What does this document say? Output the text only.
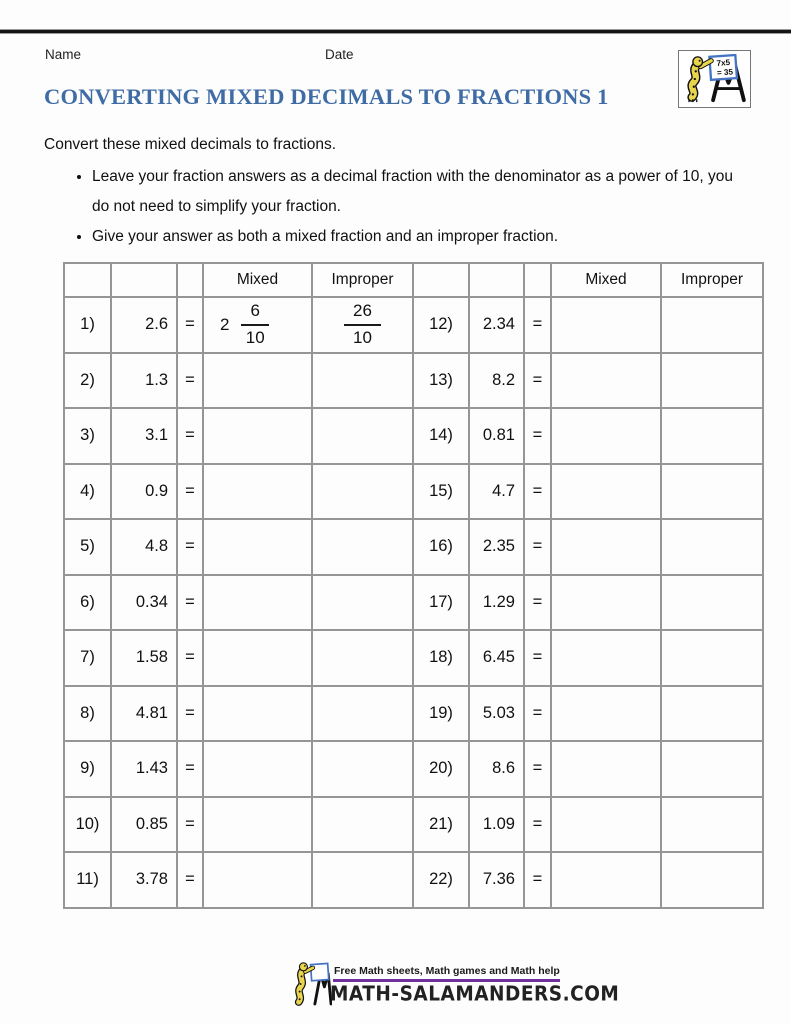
Name	Date
7x5
= 35
CONVERTING MIXED DECIMALS TO FRACTIONS 1
Convert these mixed decimals to fractions.
• Leave your fraction answers as a decimal fraction with the denominator as a power of 10, you do not need to simplify your fraction.
• Give your answer as both a mixed fraction and an improper fraction.
			Mixed	Improper				Mixed	Improper
1)	2.6	=	$2 \frac{6}{10}$	$\frac{26}{10}$	12)	2.34	=		
2)	1.3	=			13)	8.2	=		
3)	3.1	=			14)	0.81	=		
4)	0.9	=			15)	4.7	=		
5)	4.8	=			16)	2.35	=		
6)	0.34	=			17)	1.29	=		
7)	1.58	=			18)	6.45	=		
8)	4.81	=			19)	5.03	=		
9)	1.43	=			20)	8.6	=		
10)	0.85	=			21)	1.09	=		
11)	3.78	=			22)	7.36	=		
Free Math sheets, Math games and Math help
MATH-SALAMANDERS.COM
